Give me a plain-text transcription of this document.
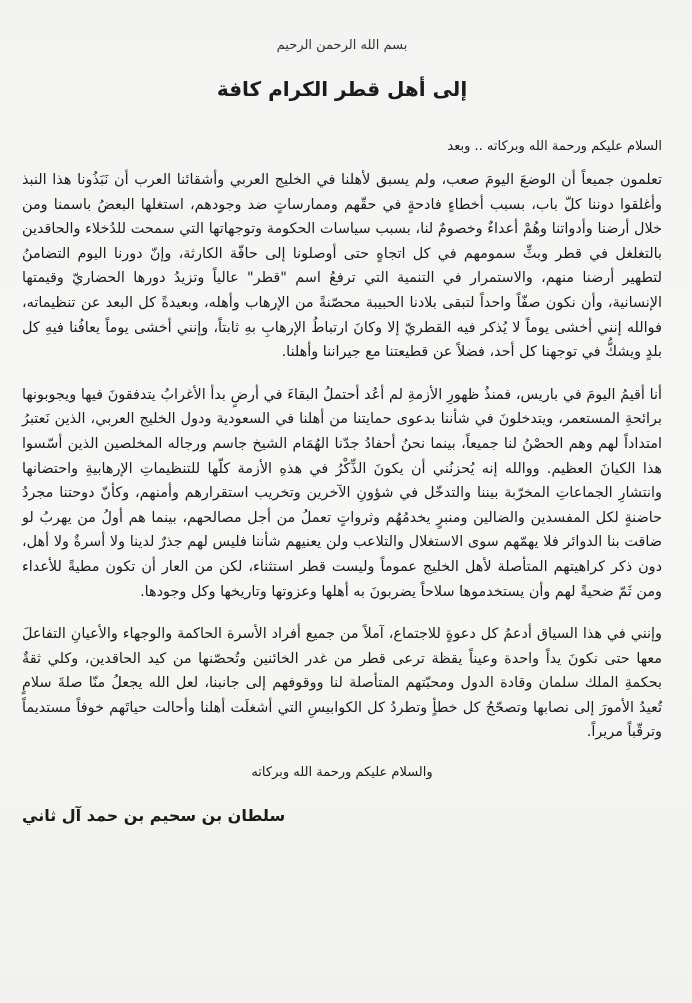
بسم الله الرحمن الرحيم

إلى أهل قطر الكرام كافة

السلام عليكم ورحمة الله وبركاته .. وبعد

تعلمون جميعاً أن الوضعَ اليومَ صعب، ولم يسبق لأهلنا في الخليج العربي وأشقائنا العرب أن نَبَذُونا هذا النبذ وأغلقوا دوننا كلّ باب، بسبب أخطاءٍ فادحةٍ في حقّهم وممارساتٍ ضد وجودهم، استغلها البعضُ باسمنا ومن خلال أرضنا وأدواتنا وهُمْ أعداءٌ وخصومٌ لنا، بسبب سياسات الحكومة وتوجهاتها التي سمحت للدُخلاء والحاقدين بالتغلغل في قطر وبثِّ سمومهم في كل اتجاهٍ حتى أوصلونا إلى حافّة الكارثة، وإنّ دورنا اليوم التضامنُ لتطهير أرضنا منهم، والاستمرار في التنمية التي ترفعُ اسم "قطر" عالياً وتزيدُ دورها الحضاريّ وقيمتها الإنسانية، وأن نكون صفّاً واحداً لتبقى بلادنا الحبيبة محصّنةً من الإرهاب وأهله، وبعيدةً كل البعد عن تنظيماته، فوالله إنني أخشى يوماً لا يُذكر فيه القطريّ إلا وكانَ ارتباطُ الإرهابِ بهِ ثابتاً، وإنني أخشى يوماً يعافُنا فيهِ كل بلدٍ ويشكُّ في توجهنا كل أحد، فضلاً عن قطيعتنا مع جيراننا وأهلنا.

أنا أقيمُ اليومَ في باريس، فمنذُ ظهورِ الأزمةِ لم أعُد أحتملُ البقاءَ في أرضٍ بدأ الأغرابُ يتدفقونَ فيها ويجوبونها برائحةِ المستعمر، ويتدخلونَ في شأننا بدعوى حمايتنا من أهلنا في السعودية ودول الخليج العربي، الذين نَعتبرُ امتداداً لهم وهم الحصْنُ لنا جميعاً، بينما نحنُ أحفادُ جدّنا الهُمَام الشيخ جاسم ورجاله المخلصين الذين أسّسوا هذا الكيانَ العظيم. ووالله إنه يُحزنُني أن يكونَ الذِّكْرُ في هذهِ الأزمة كلّها للتنظيماتِ الإرهابيةِ واحتضانها وانتشارِ الجماعاتِ المخرّبة بيننا والتدخّل في شؤونِ الآخرين وتخريب استقرارهم وأمنهم، وكأنّ دوحتنا مجردُ حاضنةٍ لكل المفسدين والضالين ومنبرٍ يخدمُهُم وثرواتٍ تعملُ من أجل مصالحهم، بينما هم أولُ من يهربُ لو ضاقت بنا الدوائر فلا يهمّهم سوى الاستغلال والتلاعب ولن يعنيهم شأننا فليس لهم جذرٌ لدينا ولا أسرةٌ ولا أهل، دون ذكر كراهيتهم المتأصلة لأهل الخليج عموماً وليست قطر استثناء، لكن من العار أن تكون مطيةً للأعداء ومن ثَمّ ضحيةً لهم وأن يستخدموها سلاحاً يضربونَ به أهلها وعزوتها وتاريخها وكل وجودها.

وإنني في هذا السياق أدعمُ كل دعوةٍ للاجتماع، آملاً من جميع أفراد الأسرة الحاكمة والوجهاء والأعيانِ التفاعلَ معها حتى نكونَ يداً واحدة وعيناً يقظة ترعى قطر من غدر الخائنين وتُحصّنها من كيد الحاقدين، وكلي ثقةٌ بحكمةِ الملك سلمان وقادة الدول ومحبّتهم المتأصلة لنا ووقوفهم إلى جانبنا، لعل الله يجعلُ منّا صلةَ سلامٍ تُعيدُ الأمورَ إلى نصابها وتصحّحُ كل خطأٍ وتطردُ كل الكوابيسِ التي أشغلَت أهلنا وأحالت حياتَهم خوفاً مستديماً وترقّباً مريراً.

والسلام عليكم ورحمة الله وبركاته

سلطان بن سحيم بن حمد آل ثاني
